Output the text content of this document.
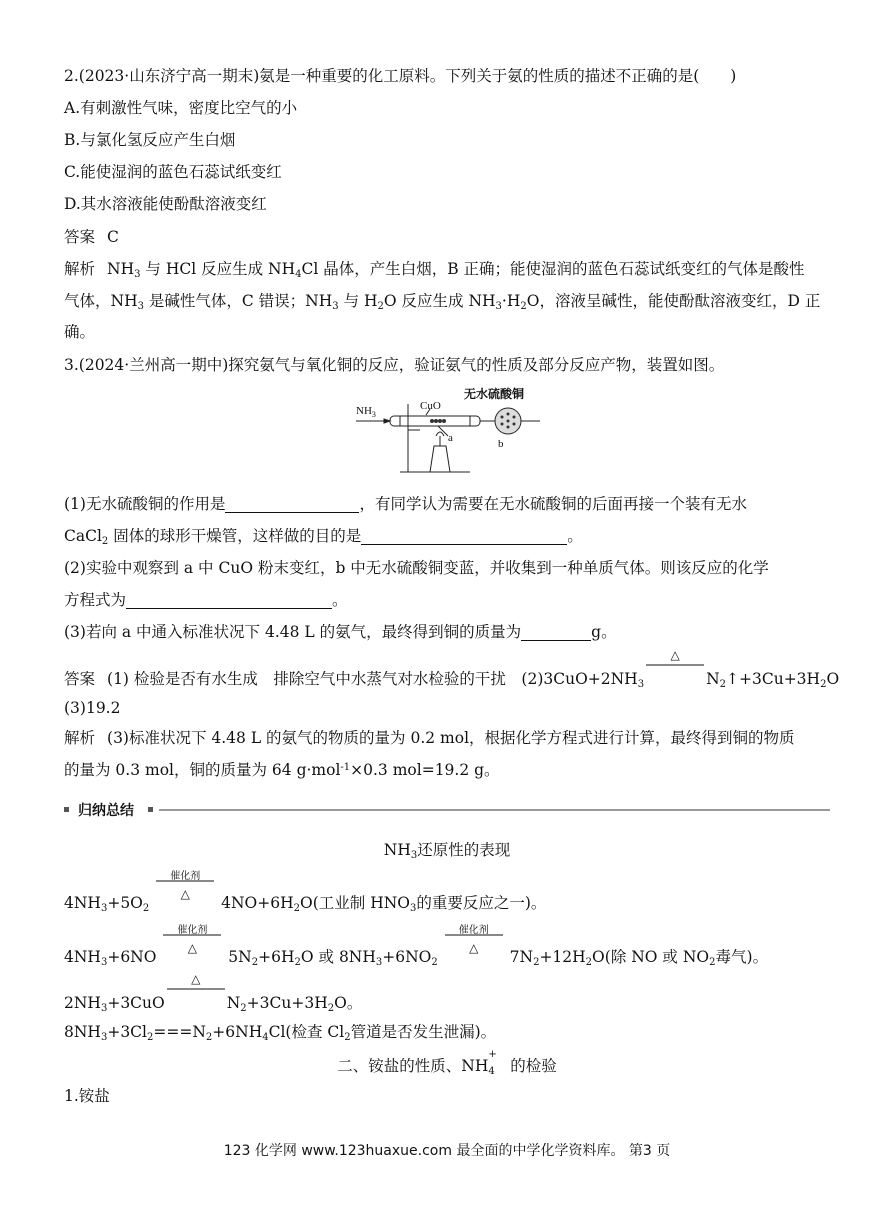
2.(2023·山东济宁高一期末)氨是一种重要的化工原料。下列关于氨的性质的描述不正确的是(　　)
A.有刺激性气味，密度比空气的小
B.与氯化氢反应产生白烟
C.能使湿润的蓝色石蕊试纸变红
D.其水溶液能使酚酞溶液变红
答案 C
解析 $NH_3$ 与 HCl 反应生成 $NH_4Cl$ 晶体，产生白烟，B 正确；能使湿润的蓝色石蕊试纸变红的气体是酸性
气体，$NH_3$ 是碱性气体，C 错误；$NH_3$ 与 $H_2O$ 反应生成 $NH_3\cdot H_2O$，溶液呈碱性，能使酚酞溶液变红，D 正
确。
3.(2024·兰州高一期中)探究氨气与氧化铜的反应，验证氨气的性质及部分反应产物，装置如图。
$NH_3$
CuO
无水硫酸铜
a	b
(1)无水硫酸铜的作用是	，有同学认为需要在无水硫酸铜的后面再接一个装有无水
CaCl$_2$ 固体的球形干燥管，这样做的目的是	。
(2)实验中观察到 a 中 CuO 粉末变红，b 中无水硫酸铜变蓝，并收集到一种单质气体。则该反应的化学
方程式为	。
(3)若向 a 中通入标准状况下 4.48 L 的氨气，最终得到铜的质量为	g。
答案 (1) 检验是否有水生成　排除空气中水蒸气对水检验的干扰　$(2)3CuO+2NH_3$
△
$N_2↑+3Cu+3H_2O$
(3)19.2
解析 (3)标准状况下 4.48 L 的氨气的物质的量为 0.2 mol，根据化学方程式进行计算，最终得到铜的物质
的量为 0.3 mol，铜的质量为 64 g·mol$^{-1}$×0.3 mol=19.2 g。
归纳总结
$NH_3$还原性的表现
$4NH_3+5O_2$
催化剂
△	$4NO+6H_2O$(工业制 $HNO_3$的重要反应之一)。
$4NH_3+6NO$
催化剂
△	$5N_2+6H_2O$ 或 $8NH_3+6NO_2$
催化剂
△	$7N_2+12H_2O$(除 NO 或 $NO_2$毒气)。
$2NH_3+3CuO$
△
$N_2+3Cu+3H_2O$。
$8NH_3+3Cl_2===N_2+6NH_4Cl$(检查 $Cl_2$管道是否发生泄漏)。
二、铵盐的性质、NH
+
$_4$　 的检验
1.铵盐
123 化学网 www.123huaxue.com 最全面的中学化学资料库。 第3 页
